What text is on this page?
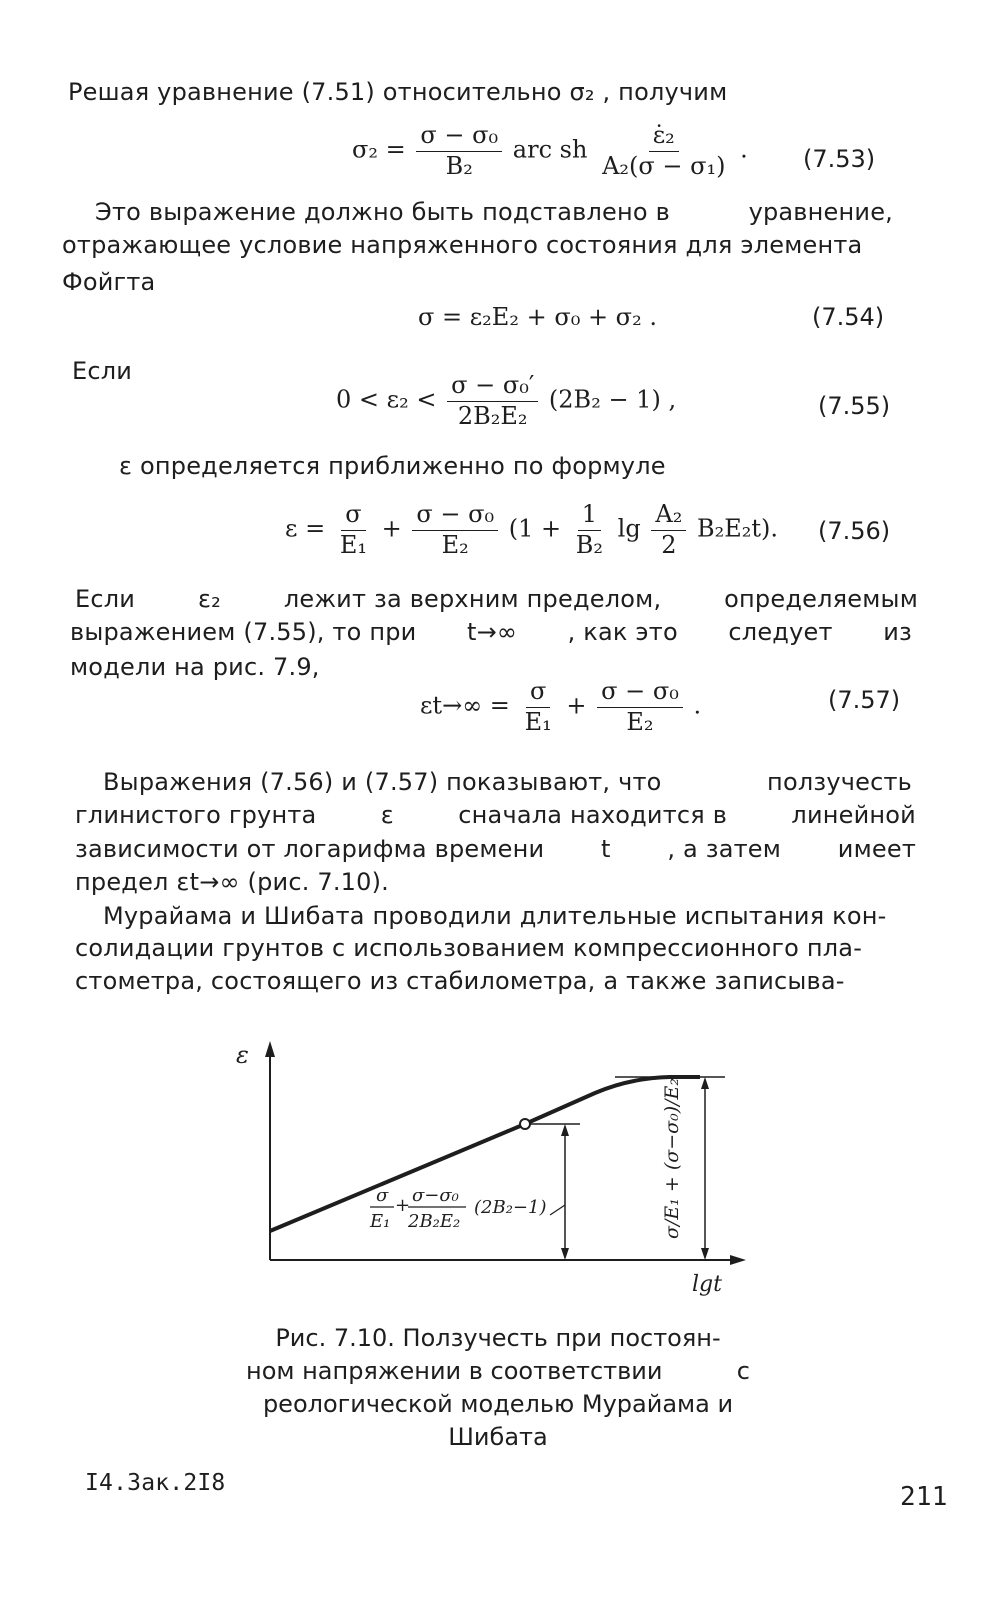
Решая уравнение (7.51) относительно σ₂ , получим
$\sigma_2 = \frac{\text{σ − σ₀}}{\text{B₂}}$ arc sh $\frac{\text{ε̇₂}}{\text{A₂(σ − σ₁)}}$ . (7.53)
Это выражение должно быть подставлено в	уравнение,
отражающее условие напряженного состояния для элемента
Фойгта
σ = ε₂E₂ + σ₀ + σ₂ .	(7.54)
Если
$0 < \varepsilon_2 < \frac{\text{σ − σ₀′}}{\text{2B₂E₂}} (2B_2 - 1)$ ,	(7.55)
ε определяется приближенно по формуле
$\varepsilon = \frac{\sigma}{\text{E₁}} + \frac{\text{σ − σ₀}}{\text{E₂}} (1 + \frac{1}{\text{B₂}}$ $\lg \frac{\text{A₂}}{2} B_2E_2t$). (7.56)
Если	ε₂	лежит за верхним пределом,	определяемым
выражением (7.55), то при t→∞ , как это следует из
модели на рис. 7.9,
$\varepsilon t\to\infty = \frac{\sigma}{\text{E₁}} + \frac{\text{σ − σ₀}}{\text{E₂}}$ .	(7.57)
Выражения (7.56) и (7.57) показывают, что	ползучесть
глинистого грунта	ε	сначала находится в	линейной
зависимости от логарифма времени t , а затем имеет
предел εt→∞ (рис. 7.10).
Мурайама и Шибата проводили длительные испытания кон-
солидации грунтов с использованием компрессионного пла-
стометра, состоящего из стабилометра, а также записыва-
ε
lgt
σ
E₁
+ σ−σ₀
2B₂E₂
(2B₂−1)	σ/E₁ + (σ−σ₀)/E₂
Рис. 7.10. Ползучесть при постоян-
ном напряжении в соответствии	с
реологической моделью Мурайама и
Шибата
I4.Зак.2I8	211
